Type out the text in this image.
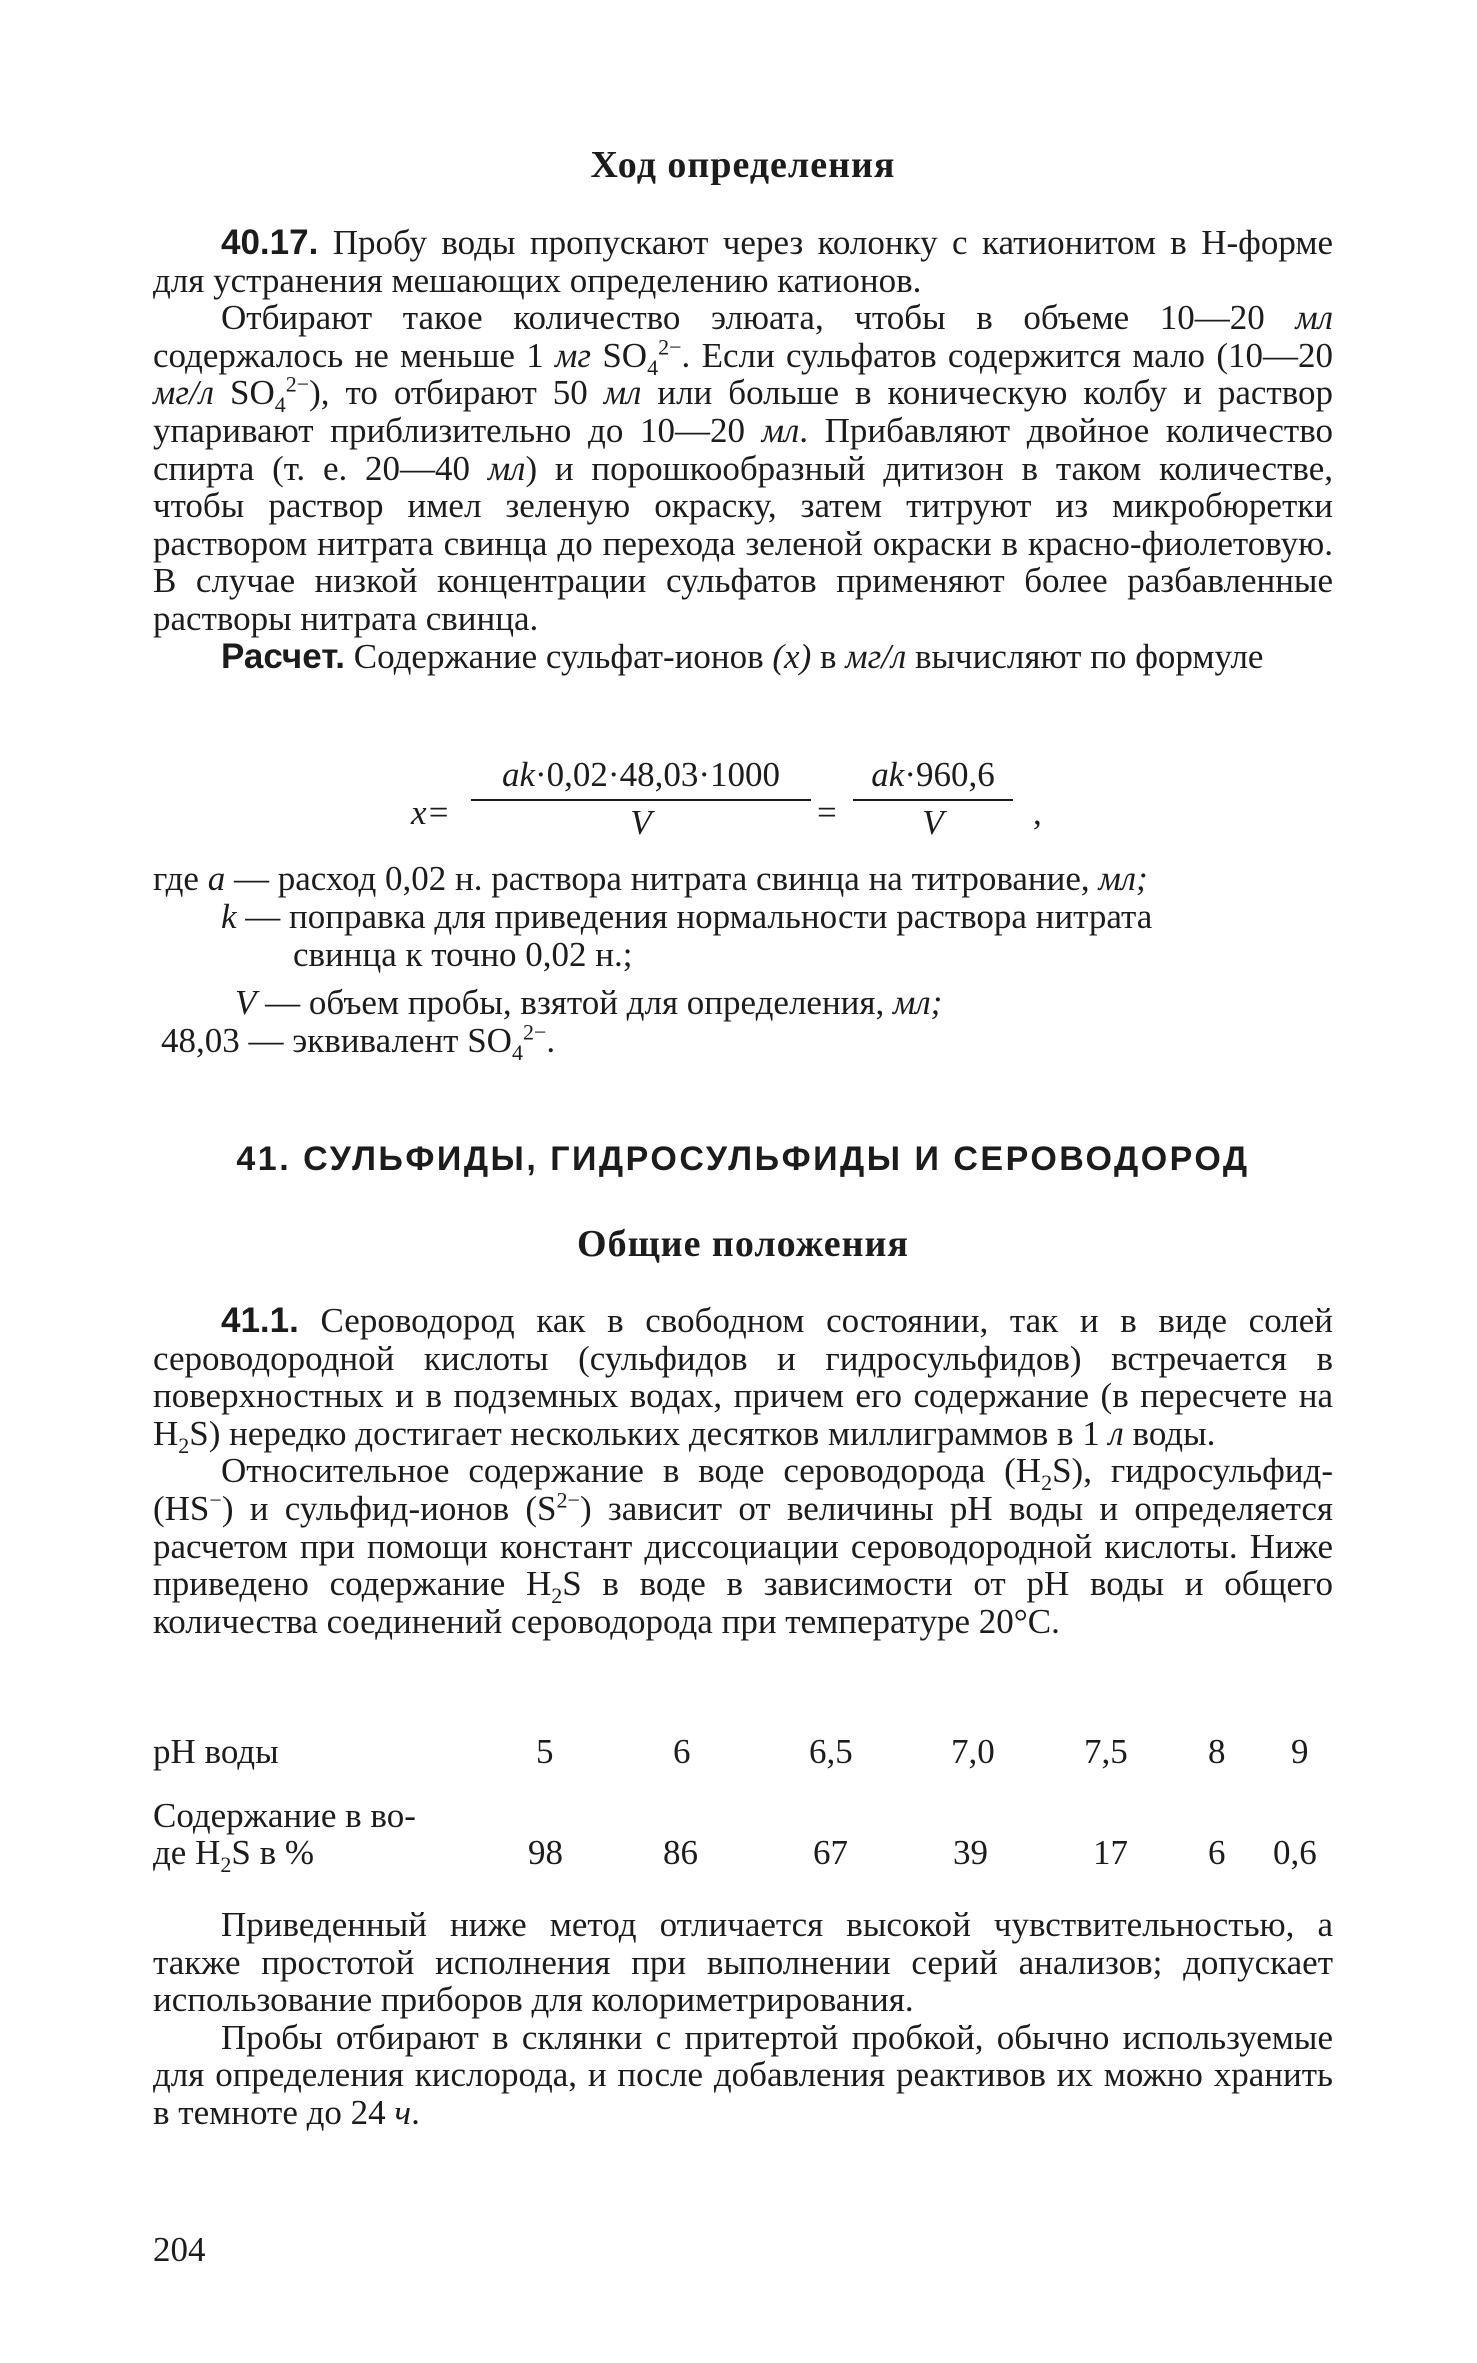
Ход определения

40.17. Пробу воды пропускают через колонку с катионитом в Н-форме для устранения мешающих определению катионов.

Отбирают такое количество элюата, чтобы в объеме 10—20 мл содержалось не меньше 1 мг $SO_4^{2-}$. Если сульфатов содержится мало (10—20 мг/л $SO_4^{2-}$), то отбирают 50 мл или больше в коническую колбу и раствор упаривают приблизительно до 10—20 мл. Прибавляют двойное количество спирта (т. е. 20—40 мл) и порошкообразный дитизон в таком количестве, чтобы раствор имел зеленую окраску, затем титруют из микробюретки раствором нитрата свинца до перехода зеленой окраски в красно-фиолетовую. В случае низкой концентрации сульфатов применяют более разбавленные растворы нитрата свинца.

Расчет. Содержание сульфат-ионов (x) в мг/л вычисляют по формуле

$x= \frac{ak\cdot 0,02\cdot 48,03\cdot 1000}{V} = \frac{ak\cdot 960,6}{V}$ ,
где a — расход 0,02 н. раствора нитрата свинца на титрование, мл;
k — поправка для приведения нормальности раствора нитрата
свинца к точно 0,02 н.;
V — объем пробы, взятой для определения, мл;
48,03 — эквивалент $SO_4^{2-}$.
41. СУЛЬФИДЫ, ГИДРОСУЛЬФИДЫ И СЕРОВОДОРОД
Общие положения

41.1. Сероводород как в свободном состоянии, так и в виде солей сероводородной кислоты (сульфидов и гидросульфидов) встречается в поверхностных и в подземных водах, причем его содержание (в пересчете на $H_2S$) нередко достигает нескольких десятков миллиграммов в 1 л воды.

Относительное содержание в воде сероводорода $(H_2S)$, гидросульфид- (HS−) и сульфид-ионов $(S^{2-})$ зависит от величины pH воды и определяется расчетом при помощи констант диссоциации сероводородной кислоты. Ниже приведено содержание $H_2S$ в воде в зависимости от pH воды и общего количества соединений сероводорода при температуре 20°С.

pH воды	5	6	6,5	7,0	7,5 8 9
Содержание в во-
де $H_2S$ в %	98	86	67	39	17 6 0,6

Приведенный ниже метод отличается высокой чувствительностью, а также простотой исполнения при выполнении серий анализов; допускает использование приборов для колориметрирования.

Пробы отбирают в склянки с притертой пробкой, обычно используемые для определения кислорода, и после добавления реактивов их можно хранить в темноте до 24 ч.

204
